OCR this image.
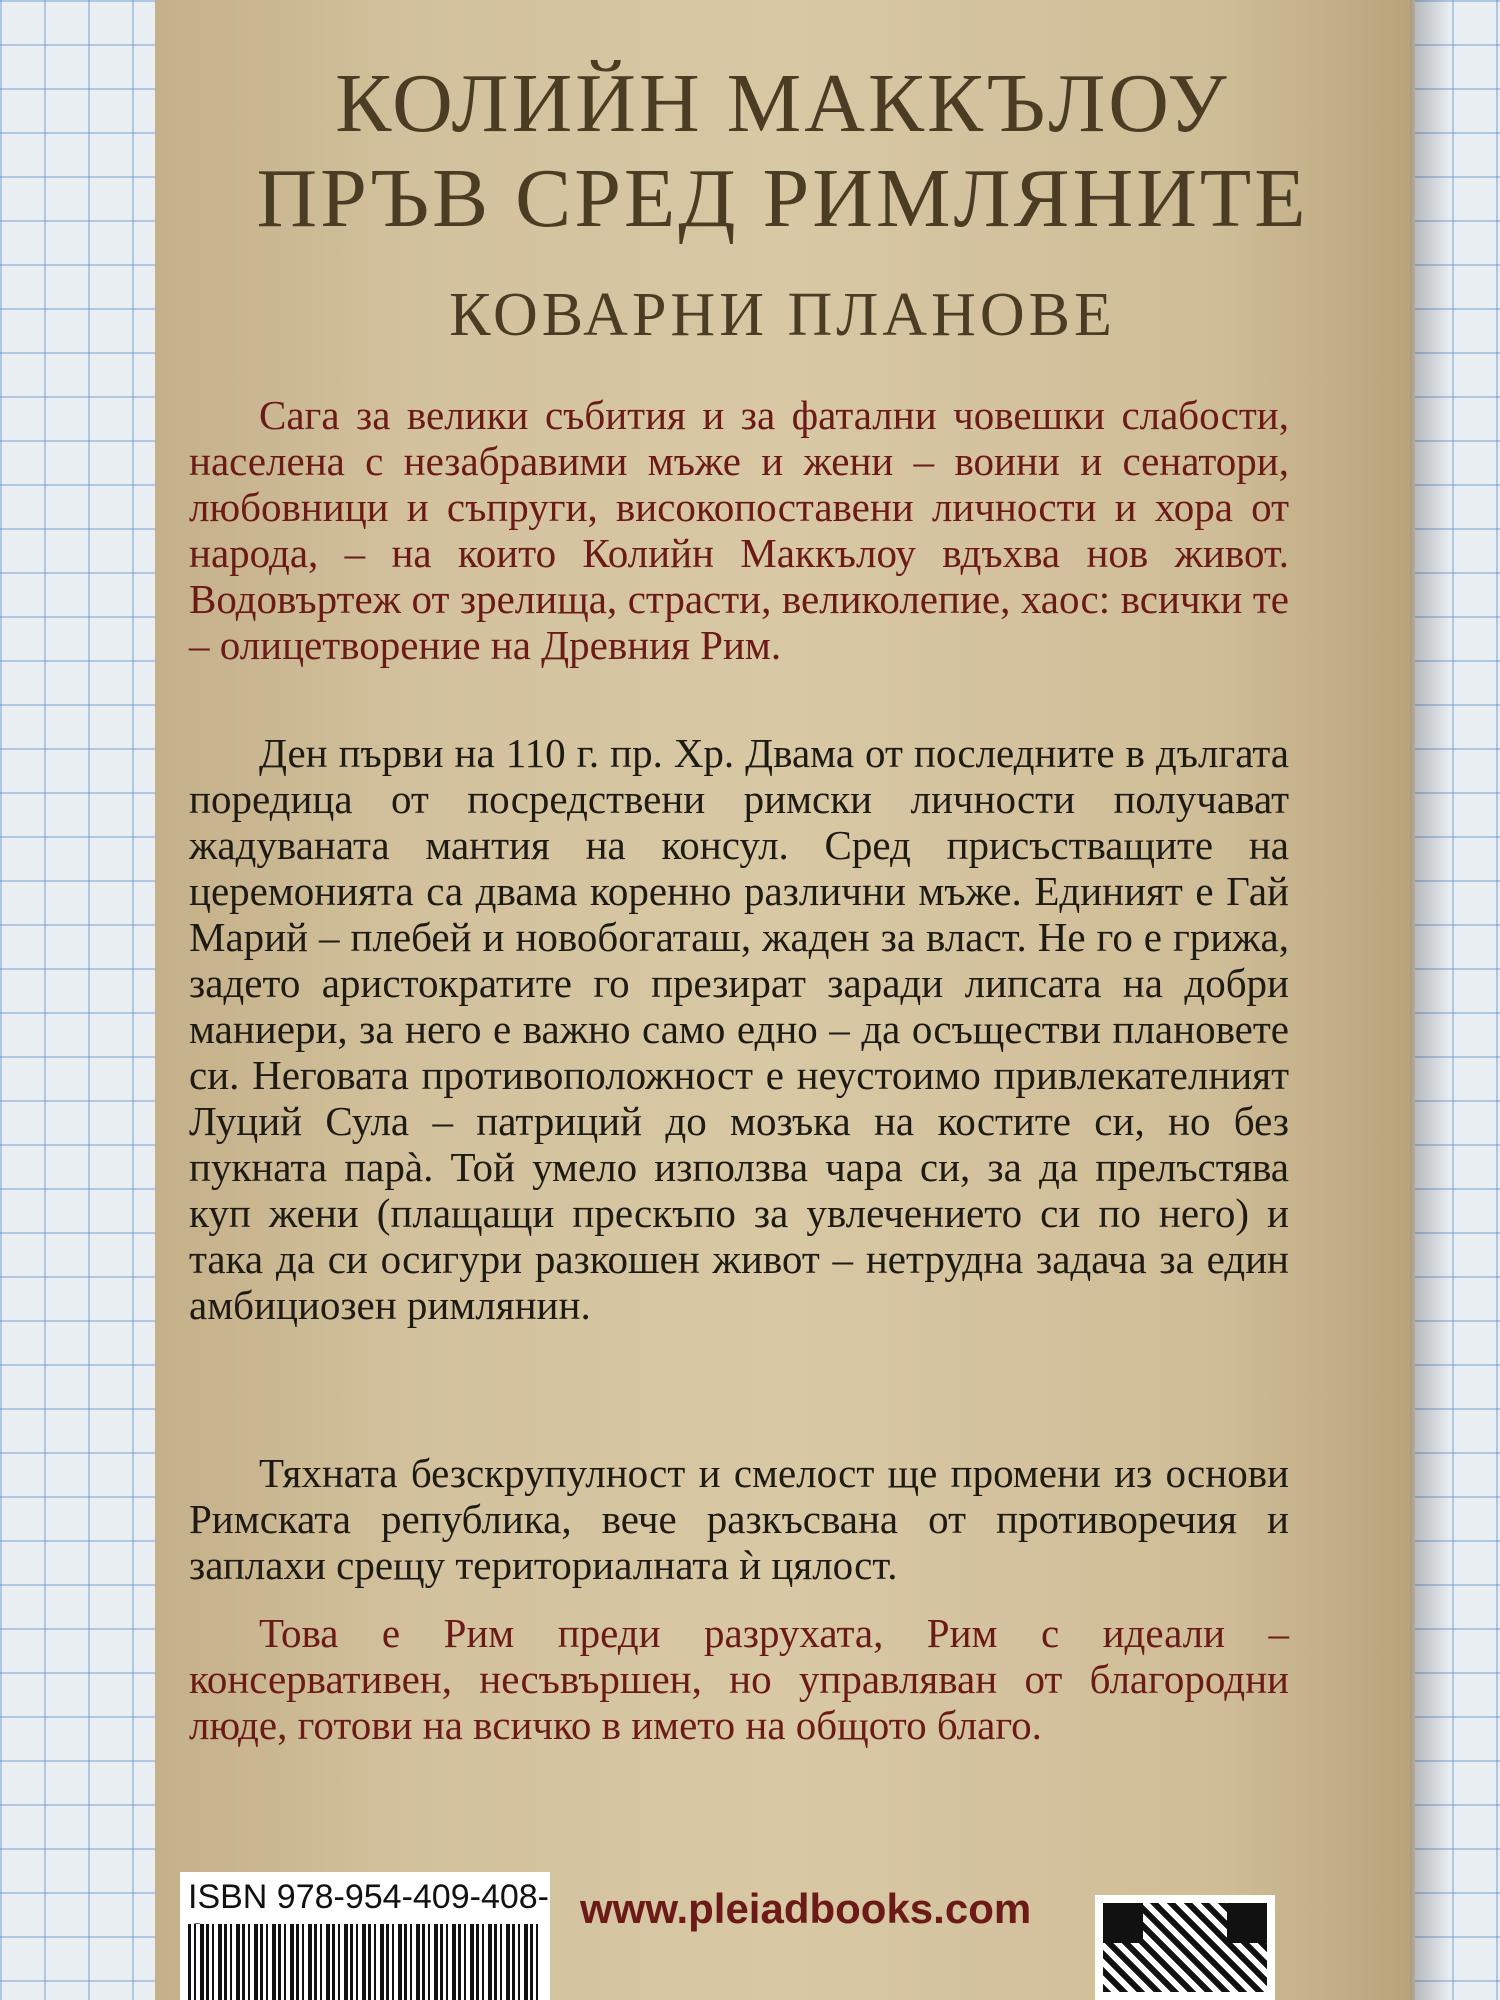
КОЛИЙН МАККЪЛОУ
ПРЪВ СРЕД РИМЛЯНИТЕ
КОВАРНИ ПЛАНОВЕ

Сага за велики събития и за фатални човешки слабости, населена с незабравими мъже и жени – воини и сенатори, любовници и съпруги, високопоставени личности и хора от народа, – на които Колийн Маккълоу вдъхва нов живот. Водовъртеж от зрелища, страсти, великолепие, хаос: всички те – олицетворение на Древния Рим.

Ден първи на 110 г. пр. Хр. Двама от последните в дългата поредица от посредствени римски личности получават жадуваната мантия на консул. Сред присъстващите на церемонията са двама коренно различни мъже. Единият е Гай Марий – плебей и новобогаташ, жаден за власт. Не го е грижа, задето аристократите го презират заради липсата на добри маниери, за него е важно само едно – да осъществи плановете си. Неговата противоположност е неустоимо привлекателният Луций Сула – патриций до мозъка на костите си, но без пукната парà. Той умело използва чара си, за да прелъстява куп жени (плащащи прескъпо за увлечението си по него) и така да си осигури разкошен живот – нетрудна задача за един амбициозен римлянин.

Тяхната безскрупулност и смелост ще промени из основи Римската република, вече разкъсвана от противоречия и заплахи срещу териториалната ѝ цялост.

Това е Рим преди разрухата, Рим с идеали – консервативен, несъвършен, но управляван от благородни люде, готови на всичко в името на общото благо.

ISBN 978-954-409-408- www.pleiadbooks.com
